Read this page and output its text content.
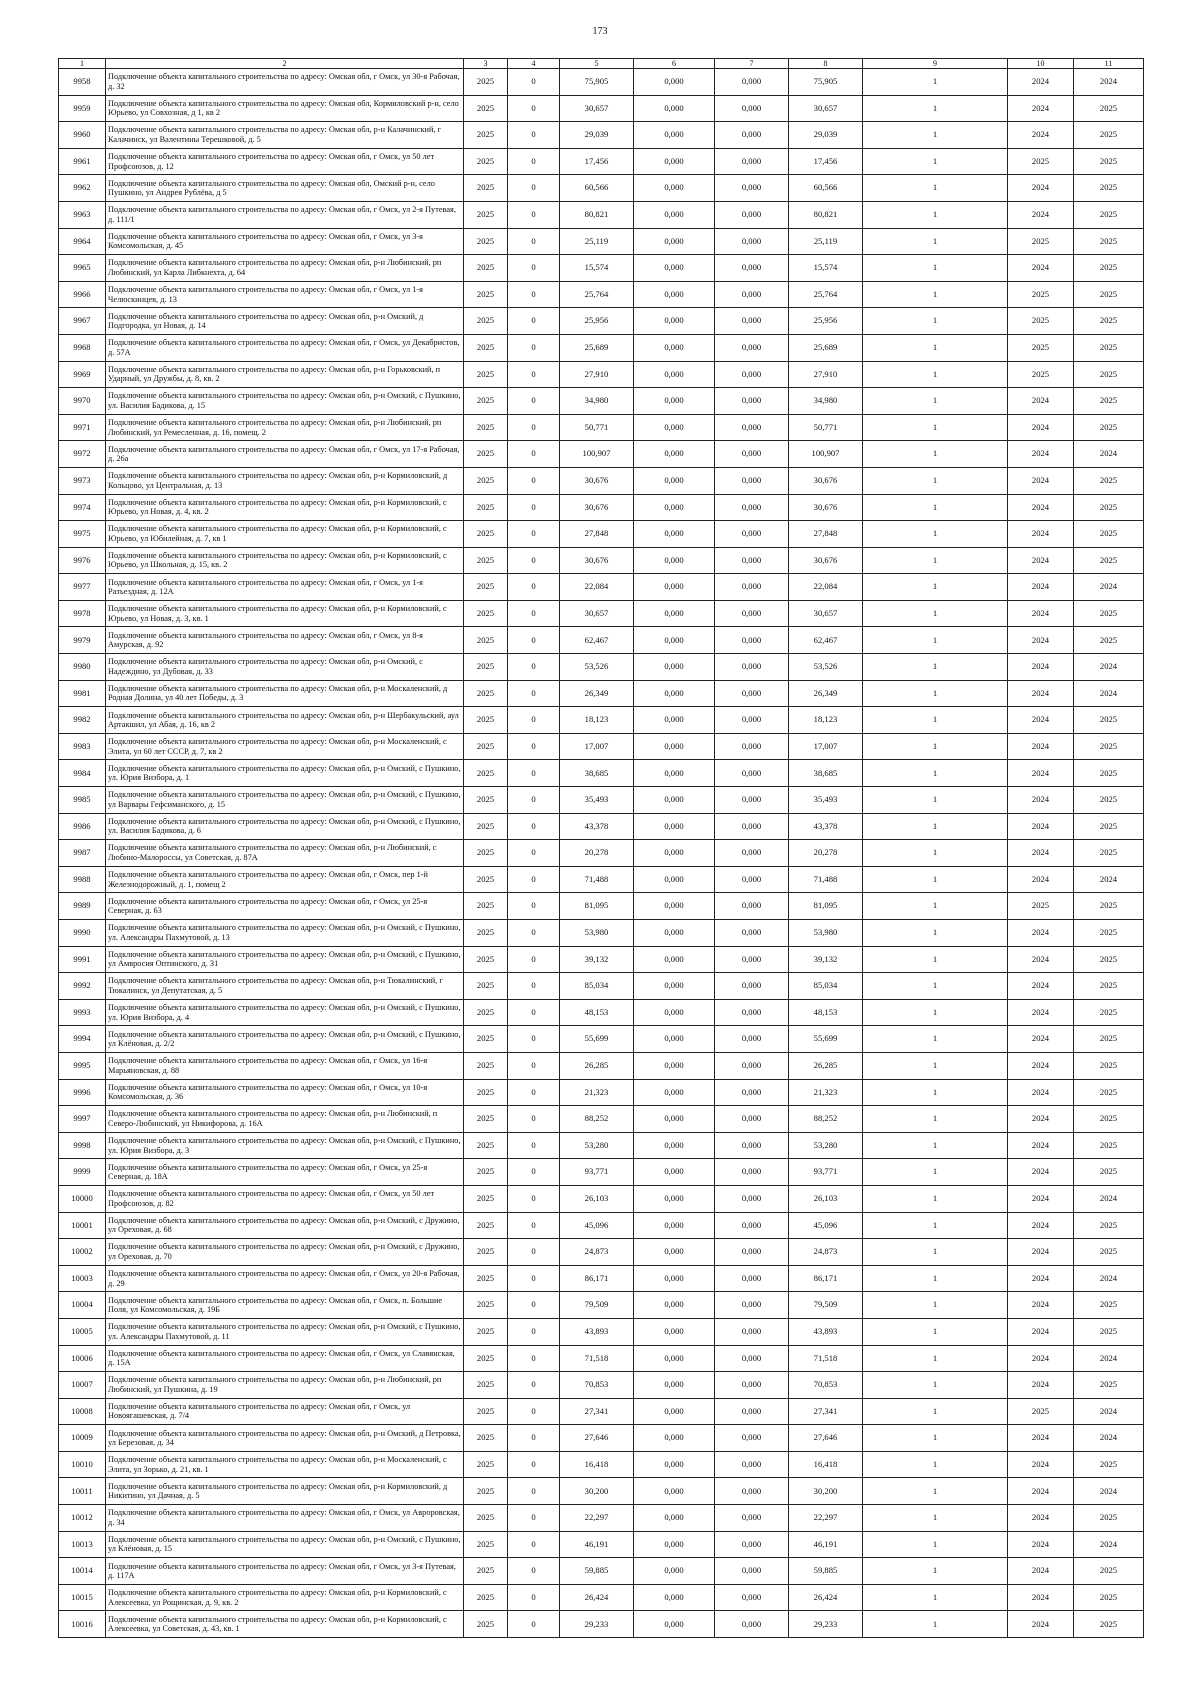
173
1	2	3	4	5	6	7	8	9	10	11
9958	Подключение объекта капитального строительства по адресу: Омская обл, г Омск, ул 30-я Рабочая, д. 32	2025	0	75,905	0,000	0,000	75,905	1	2024	2024
9959	Подключение объекта капитального строительства по адресу: Омская обл, Кормиловский р-н, село Юрьево, ул Совхозная, д 1, кв 2	2025	0	30,657	0,000	0,000	30,657	1	2024	2025
9960	Подключение объекта капитального строительства по адресу: Омская обл, р-н Калачинский, г Калачинск, ул Валентины Терешковой, д. 5	2025	0	29,039	0,000	0,000	29,039	1	2024	2025
9961	Подключение объекта капитального строительства по адресу: Омская обл, г Омск, ул 50 лет Профсоюзов, д. 12	2025	0	17,456	0,000	0,000	17,456	1	2025	2025
9962	Подключение объекта капитального строительства по адресу: Омская обл, Омский р-н, село Пушкино, ул Андрея Рублёва, д 5	2025	0	60,566	0,000	0,000	60,566	1	2024	2025
9963	Подключение объекта капитального строительства по адресу: Омская обл, г Омск, ул 2-я Путевая, д. 111/1	2025	0	80,821	0,000	0,000	80,821	1	2024	2025
9964	Подключение объекта капитального строительства по адресу: Омская обл, г Омск, ул 3-я Комсомольская, д. 45	2025	0	25,119	0,000	0,000	25,119	1	2025	2025
9965	Подключение объекта капитального строительства по адресу: Омская обл, р-н Любинский, рп Любинский, ул Карла Либкнехта, д. 64	2025	0	15,574	0,000	0,000	15,574	1	2024	2025
9966	Подключение объекта капитального строительства по адресу: Омская обл, г Омск, ул 1-я Челюскинцев, д. 13	2025	0	25,764	0,000	0,000	25,764	1	2025	2025
9967	Подключение объекта капитального строительства по адресу: Омская обл, р-н Омский, д Подгородка, ул Новая, д. 14	2025	0	25,956	0,000	0,000	25,956	1	2025	2025
9968	Подключение объекта капитального строительства по адресу: Омская обл, г Омск, ул Декабристов, д. 57А	2025	0	25,689	0,000	0,000	25,689	1	2025	2025
9969	Подключение объекта капитального строительства по адресу: Омская обл, р-н Горьковский, п Ударный, ул Дружбы, д. 8, кв. 2	2025	0	27,910	0,000	0,000	27,910	1	2025	2025
9970	Подключение объекта капитального строительства по адресу: Омская обл, р-н Омский, с Пушкино, ул. Василия Бадикова, д. 15	2025	0	34,980	0,000	0,000	34,980	1	2024	2025
9971	Подключение объекта капитального строительства по адресу: Омская обл, р-н Любинский, рп Любинский, ул Ремесленная, д. 16, помещ. 2	2025	0	50,771	0,000	0,000	50,771	1	2024	2025
9972	Подключение объекта капитального строительства по адресу: Омская обл, г Омск, ул 17-я Рабочая, д. 26а	2025	0	100,907	0,000	0,000	100,907	1	2024	2024
9973	Подключение объекта капитального строительства по адресу: Омская обл, р-н Кормиловский, д Кольцово, ул Центральная, д. 13	2025	0	30,676	0,000	0,000	30,676	1	2024	2025
9974	Подключение объекта капитального строительства по адресу: Омская обл, р-н Кормиловский, с Юрьево, ул Новая, д. 4, кв. 2	2025	0	30,676	0,000	0,000	30,676	1	2024	2025
9975	Подключение объекта капитального строительства по адресу: Омская обл, р-н Кормиловский, с Юрьево, ул Юбилейная, д. 7, кв 1	2025	0	27,848	0,000	0,000	27,848	1	2024	2025
9976	Подключение объекта капитального строительства по адресу: Омская обл, р-н Кормиловский, с Юрьево, ул Школьная, д. 15, кв. 2	2025	0	30,676	0,000	0,000	30,676	1	2024	2025
9977	Подключение объекта капитального строительства по адресу: Омская обл, г Омск, ул 1-я Разъездная, д. 12А	2025	0	22,084	0,000	0,000	22,084	1	2024	2024
9978	Подключение объекта капитального строительства по адресу: Омская обл, р-н Кормиловский, с Юрьево, ул Новая, д. 3, кв. 1	2025	0	30,657	0,000	0,000	30,657	1	2024	2025
9979	Подключение объекта капитального строительства по адресу: Омская обл, г Омск, ул 8-я Амурская, д. 92	2025	0	62,467	0,000	0,000	62,467	1	2024	2025
9980	Подключение объекта капитального строительства по адресу: Омская обл, р-н Омский, с Надеждино, ул Дубовая, д. 33	2025	0	53,526	0,000	0,000	53,526	1	2024	2024
9981	Подключение объекта капитального строительства по адресу: Омская обл, р-н Москаленский, д Родная Долина, ул 40 лет Победы, д. 3	2025	0	26,349	0,000	0,000	26,349	1	2024	2024
9982	Подключение объекта капитального строительства по адресу: Омская обл, р-н Шербакульский, аул Артакшил, ул Абая, д. 16, кв 2	2025	0	18,123	0,000	0,000	18,123	1	2024	2025
9983	Подключение объекта капитального строительства по адресу: Омская обл, р-н Москаленский, с Элита, ул 60 лет СССР, д. 7, кв 2	2025	0	17,007	0,000	0,000	17,007	1	2024	2025
9984	Подключение объекта капитального строительства по адресу: Омская обл, р-н Омский, с Пушкино, ул. Юрия Визбора, д. 1	2025	0	38,685	0,000	0,000	38,685	1	2024	2025
9985	Подключение объекта капитального строительства по адресу: Омская обл, р-н Омский, с Пушкино, ул Варвары Гефсиманского, д. 15	2025	0	35,493	0,000	0,000	35,493	1	2024	2025
9986	Подключение объекта капитального строительства по адресу: Омская обл, р-н Омский, с Пушкино, ул. Василия Бадикова, д. 6	2025	0	43,378	0,000	0,000	43,378	1	2024	2025
9987	Подключение объекта капитального строительства по адресу: Омская обл, р-н Любинский, с Любино-Малороссы, ул Советская, д. 87А	2025	0	20,278	0,000	0,000	20,278	1	2024	2025
9988	Подключение объекта капитального строительства по адресу: Омская обл, г Омск, пер 1-й Железнодорожный, д. 1, помещ 2	2025	0	71,488	0,000	0,000	71,488	1	2024	2024
9989	Подключение объекта капитального строительства по адресу: Омская обл, г Омск, ул 25-я Северная, д. 63	2025	0	81,095	0,000	0,000	81,095	1	2025	2025
9990	Подключение объекта капитального строительства по адресу: Омская обл, р-н Омский, с Пушкино, ул. Александры Пахмутовой, д. 13	2025	0	53,980	0,000	0,000	53,980	1	2024	2025
9991	Подключение объекта капитального строительства по адресу: Омская обл, р-н Омский, с Пушкино, ул Амвросия Оптинского, д. 31	2025	0	39,132	0,000	0,000	39,132	1	2024	2025
9992	Подключение объекта капитального строительства по адресу: Омская обл, р-н Тюкалинский, г Тюкалинск, ул Депутатская, д. 5	2025	0	85,034	0,000	0,000	85,034	1	2024	2025
9993	Подключение объекта капитального строительства по адресу: Омская обл, р-н Омский, с Пушкино, ул. Юрия Визбора, д. 4	2025	0	48,153	0,000	0,000	48,153	1	2024	2025
9994	Подключение объекта капитального строительства по адресу: Омская обл, р-н Омский, с Пушкино, ул Клёновая, д. 2/2	2025	0	55,699	0,000	0,000	55,699	1	2024	2025
9995	Подключение объекта капитального строительства по адресу: Омская обл, г Омск, ул 16-я Марьяновская, д. 88	2025	0	26,285	0,000	0,000	26,285	1	2024	2025
9996	Подключение объекта капитального строительства по адресу: Омская обл, г Омск, ул 10-я Комсомольская, д. 36	2025	0	21,323	0,000	0,000	21,323	1	2024	2025
9997	Подключение объекта капитального строительства по адресу: Омская обл, р-н Любинский, п Северо-Любинский, ул Никифорова, д. 16А	2025	0	88,252	0,000	0,000	88,252	1	2024	2025
9998	Подключение объекта капитального строительства по адресу: Омская обл, р-н Омский, с Пушкино, ул. Юрия Визбора, д. 3	2025	0	53,280	0,000	0,000	53,280	1	2024	2025
9999	Подключение объекта капитального строительства по адресу: Омская обл, г Омск, ул 25-я Северная, д. 18А	2025	0	93,771	0,000	0,000	93,771	1	2024	2025
10000	Подключение объекта капитального строительства по адресу: Омская обл, г Омск, ул 50 лет Профсоюзов, д. 82	2025	0	26,103	0,000	0,000	26,103	1	2024	2024
10001	Подключение объекта капитального строительства по адресу: Омская обл, р-н Омский, с Дружино, ул Ореховая, д. 68	2025	0	45,096	0,000	0,000	45,096	1	2024	2025
10002	Подключение объекта капитального строительства по адресу: Омская обл, р-н Омский, с Дружино, ул Ореховая, д. 70	2025	0	24,873	0,000	0,000	24,873	1	2024	2025
10003	Подключение объекта капитального строительства по адресу: Омская обл, г Омск, ул 20-я Рабочая, д. 29	2025	0	86,171	0,000	0,000	86,171	1	2024	2024
10004	Подключение объекта капитального строительства по адресу: Омская обл, г Омск, п. Большие Поля, ул Комсомольская, д. 19Б	2025	0	79,509	0,000	0,000	79,509	1	2024	2025
10005	Подключение объекта капитального строительства по адресу: Омская обл, р-н Омский, с Пушкино, ул. Александры Пахмутовой, д. 11	2025	0	43,893	0,000	0,000	43,893	1	2024	2025
10006	Подключение объекта капитального строительства по адресу: Омская обл, г Омск, ул Славянская, д. 15А	2025	0	71,518	0,000	0,000	71,518	1	2024	2024
10007	Подключение объекта капитального строительства по адресу: Омская обл, р-н Любинский, рп Любинский, ул Пушкина, д. 19	2025	0	70,853	0,000	0,000	70,853	1	2024	2025
10008	Подключение объекта капитального строительства по адресу: Омская обл, г Омск, ул Новоягашевская, д. 7/4	2025	0	27,341	0,000	0,000	27,341	1	2025	2024
10009	Подключение объекта капитального строительства по адресу: Омская обл, р-н Омский, д Петровка, ул Березовая, д. 34	2025	0	27,646	0,000	0,000	27,646	1	2024	2024
10010	Подключение объекта капитального строительства по адресу: Омская обл, р-н Москаленский, с Элита, ул Зорько, д. 21, кв. 1	2025	0	16,418	0,000	0,000	16,418	1	2024	2025
10011	Подключение объекта капитального строительства по адресу: Омская обл, р-н Кормиловский, д Никитино, ул Дачная, д. 5	2025	0	30,200	0,000	0,000	30,200	1	2024	2024
10012	Подключение объекта капитального строительства по адресу: Омская обл, г Омск, ул Авроровская, д. 34	2025	0	22,297	0,000	0,000	22,297	1	2024	2025
10013	Подключение объекта капитального строительства по адресу: Омская обл, р-н Омский, с Пушкино, ул Клёновая, д. 15	2025	0	46,191	0,000	0,000	46,191	1	2024	2024
10014	Подключение объекта капитального строительства по адресу: Омская обл, г Омск, ул 3-я Путевая, д. 117А	2025	0	59,885	0,000	0,000	59,885	1	2024	2025
10015	Подключение объекта капитального строительства по адресу: Омская обл, р-н Кормиловский, с Алексеевка, ул Рощинская, д. 9, кв. 2	2025	0	26,424	0,000	0,000	26,424	1	2024	2025
10016	Подключение объекта капитального строительства по адресу: Омская обл, р-н Кормиловский, с Алексеевка, ул Советская, д. 43, кв. 1	2025	0	29,233	0,000	0,000	29,233	1	2024	2025
